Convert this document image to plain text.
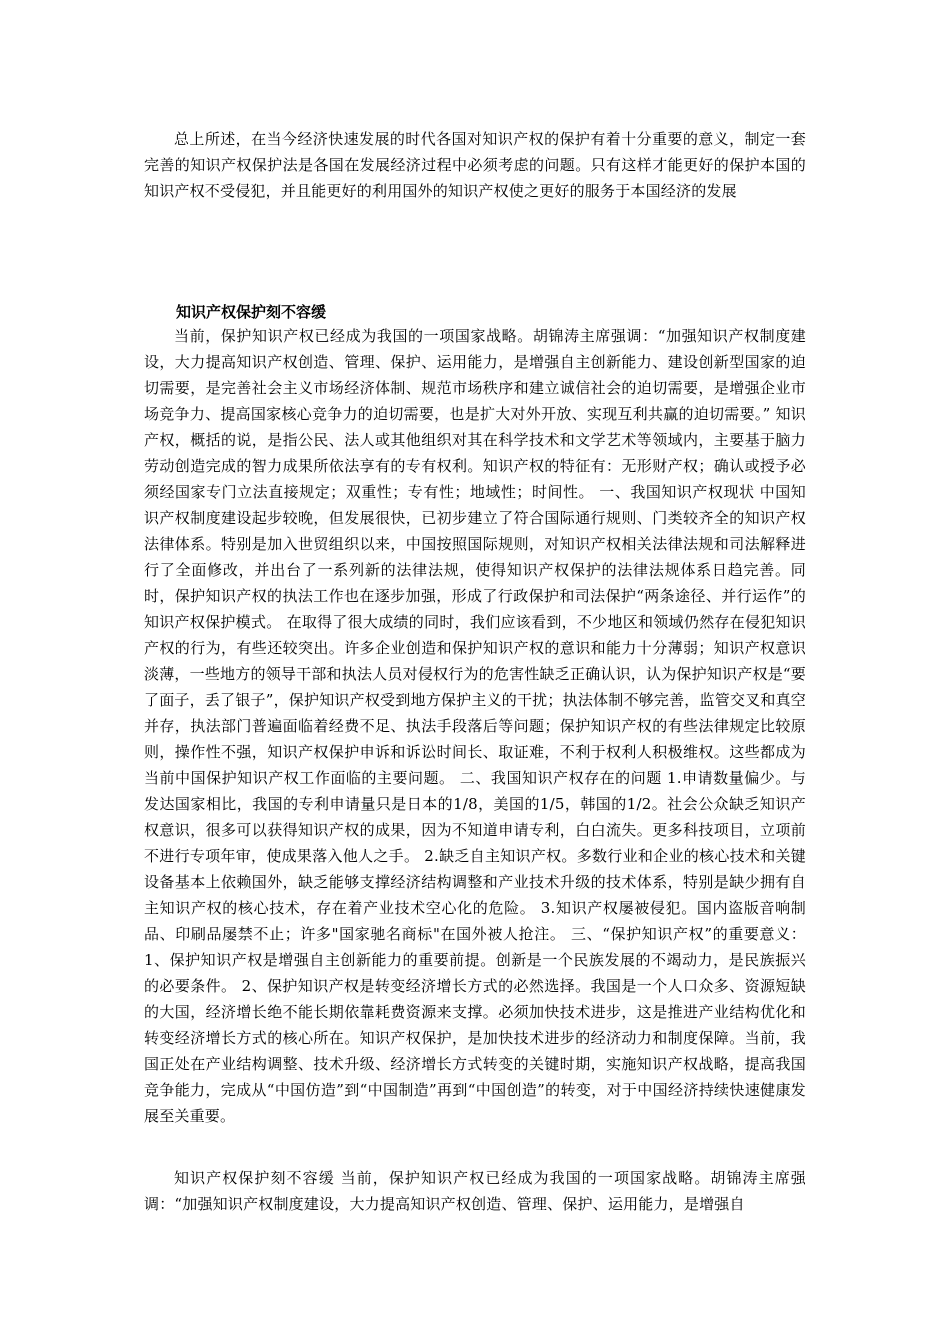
总上所述，在当今经济快速发展的时代各国对知识产权的保护有着十分重要的意义，制定一套完善的知识产权保护法是各国在发展经济过程中必须考虑的问题。只有这样才能更好的保护本国的知识产权不受侵犯，并且能更好的利用国外的知识产权使之更好的服务于本国经济的发展

知识产权保护刻不容缓

当前，保护知识产权已经成为我国的一项国家战略。胡锦涛主席强调：“加强知识产权制度建设，大力提高知识产权创造、管理、保护、运用能力，是增强自主创新能力、建设创新型国家的迫切需要，是完善社会主义市场经济体制、规范市场秩序和建立诚信社会的迫切需要，是增强企业市场竞争力、提高国家核心竞争力的迫切需要，也是扩大对外开放、实现互利共赢的迫切需要。” 知识产权，概括的说，是指公民、法人或其他组织对其在科学技术和文学艺术等领域内，主要基于脑力劳动创造完成的智力成果所依法享有的专有权利。知识产权的特征有：无形财产权；确认或授予必须经国家专门立法直接规定；双重性；专有性；地域性；时间性。 一、我国知识产权现状 中国知识产权制度建设起步较晚，但发展很快，已初步建立了符合国际通行规则、门类较齐全的知识产权法律体系。特别是加入世贸组织以来，中国按照国际规则，对知识产权相关法律法规和司法解释进行了全面修改，并出台了一系列新的法律法规，使得知识产权保护的法律法规体系日趋完善。同时，保护知识产权的执法工作也在逐步加强，形成了行政保护和司法保护“两条途径、并行运作”的知识产权保护模式。 在取得了很大成绩的同时，我们应该看到，不少地区和领域仍然存在侵犯知识产权的行为，有些还较突出。许多企业创造和保护知识产权的意识和能力十分薄弱；知识产权意识淡薄，一些地方的领导干部和执法人员对侵权行为的危害性缺乏正确认识，认为保护知识产权是“要了面子，丢了银子”，保护知识产权受到地方保护主义的干扰；执法体制不够完善，监管交叉和真空并存，执法部门普遍面临着经费不足、执法手段落后等问题；保护知识产权的有些法律规定比较原则，操作性不强，知识产权保护申诉和诉讼时间长、取证难，不利于权利人积极维权。这些都成为当前中国保护知识产权工作面临的主要问题。 二、我国知识产权存在的问题 1.申请数量偏少。与发达国家相比，我国的专利申请量只是日本的1/8，美国的1/5，韩国的1/2。社会公众缺乏知识产权意识，很多可以获得知识产权的成果，因为不知道申请专利，白白流失。更多科技项目，立项前不进行专项年审，使成果落入他人之手。 2.缺乏自主知识产权。多数行业和企业的核心技术和关键设备基本上依赖国外，缺乏能够支撑经济结构调整和产业技术升级的技术体系，特别是缺少拥有自主知识产权的核心技术，存在着产业技术空心化的危险。 3.知识产权屡被侵犯。国内盗版音响制品、印刷品屡禁不止；许多"国家驰名商标"在国外被人抢注。 三、“保护知识产权”的重要意义：1、保护知识产权是增强自主创新能力的重要前提。创新是一个民族发展的不竭动力，是民族振兴的必要条件。 2、保护知识产权是转变经济增长方式的必然选择。我国是一个人口众多、资源短缺的大国，经济增长绝不能长期依靠耗费资源来支撑。必须加快技术进步，这是推进产业结构优化和转变经济增长方式的核心所在。知识产权保护，是加快技术进步的经济动力和制度保障。当前，我国正处在产业结构调整、技术升级、经济增长方式转变的关键时期，实施知识产权战略，提高我国竞争能力，完成从“中国仿造”到“中国制造”再到“中国创造”的转变，对于中国经济持续快速健康发展至关重要。

知识产权保护刻不容缓 当前，保护知识产权已经成为我国的一项国家战略。胡锦涛主席强调：“加强知识产权制度建设，大力提高知识产权创造、管理、保护、运用能力，是增强自
